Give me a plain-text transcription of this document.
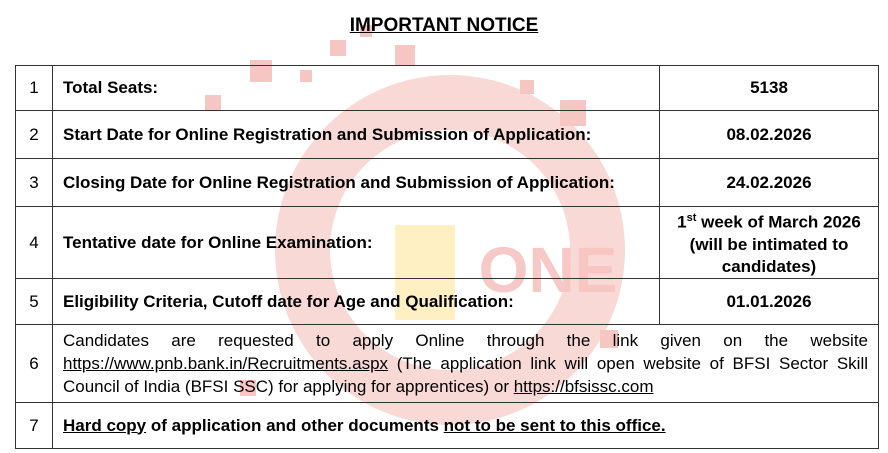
ONE
IMPORTANT NOTICE
1	Total Seats:	5138
2	Start Date for Online Registration and Submission of Application:	08.02.2026
3	Closing Date for Online Registration and Submission of Application:	24.02.2026
4	Tentative date for Online Examination:	1st week of March 2026
(will be intimated to
candidates)
5	Eligibility Criteria, Cutoff date for Age and Qualification:	01.01.2026
6	Candidates are requested to apply Online through the link given on the website https://www.pnb.bank.in/Recruitments.aspx (The application link will open website of BFSI Sector Skill Council of India (BFSI SSC) for applying for apprentices) or https://bfsissc.com	
7	Hard copy of application and other documents not to be sent to this office.	
